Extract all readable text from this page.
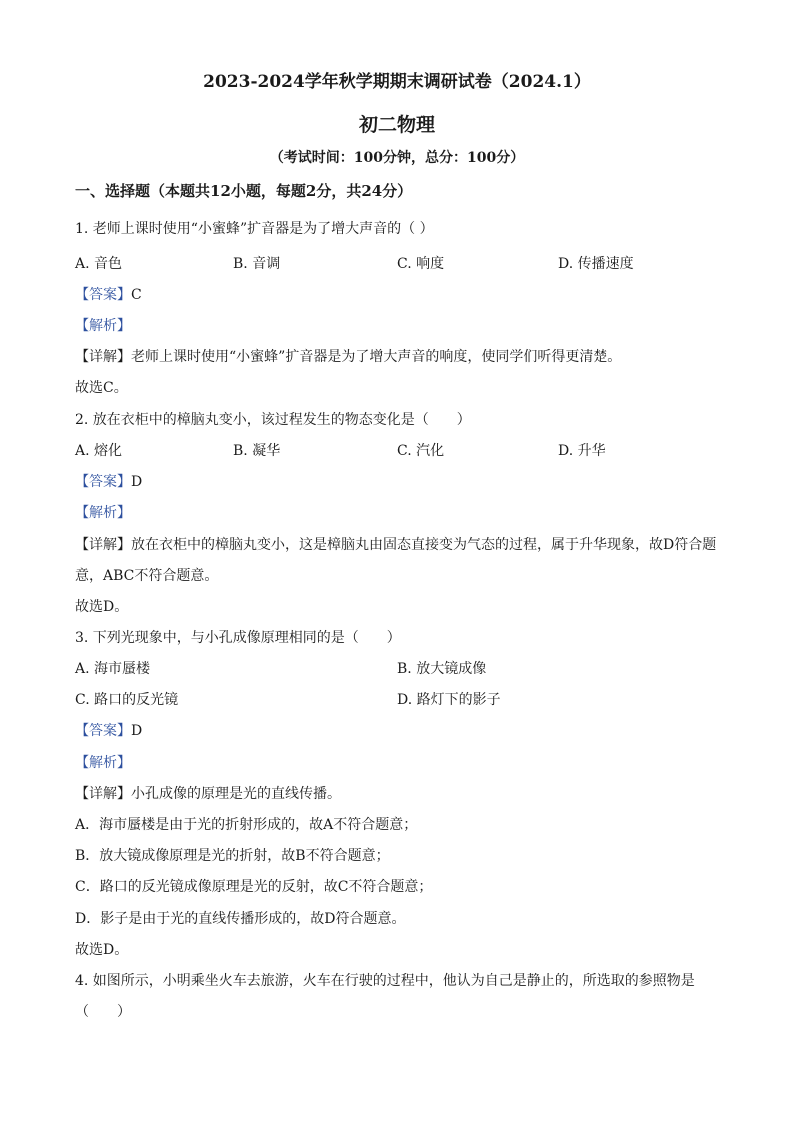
2023-2024学年秋学期期末调研试卷（2024.1）
初二物理
（考试时间：100分钟，总分：100分）
一、选择题（本题共12小题，每题2分，共24分）
1. 老师上课时使用“小蜜蜂”扩音器是为了增大声音的（ ）
A. 音色	B. 音调	C. 响度	D. 传播速度
【答案】C
【解析】
【详解】老师上课时使用“小蜜蜂”扩音器是为了增大声音的响度，使同学们听得更清楚。
故选C。
2. 放在衣柜中的樟脑丸变小，该过程发生的物态变化是（　　）
A. 熔化	B. 凝华	C. 汽化	D. 升华
【答案】D
【解析】
【详解】放在衣柜中的樟脑丸变小，这是樟脑丸由固态直接变为气态的过程，属于升华现象，故D符合题
意，ABC不符合题意。
故选D。
3. 下列光现象中，与小孔成像原理相同的是（　　）
A. 海市蜃楼	B. 放大镜成像
C. 路口的反光镜	D. 路灯下的影子
【答案】D
【解析】
【详解】小孔成像的原理是光的直线传播。
A．海市蜃楼是由于光的折射形成的，故A不符合题意；
B．放大镜成像原理是光的折射，故B不符合题意；
C．路口的反光镜成像原理是光的反射，故C不符合题意；
D．影子是由于光的直线传播形成的，故D符合题意。
故选D。
4. 如图所示，小明乘坐火车去旅游，火车在行驶的过程中，他认为自己是静止的，所选取的参照物是
（　　）
